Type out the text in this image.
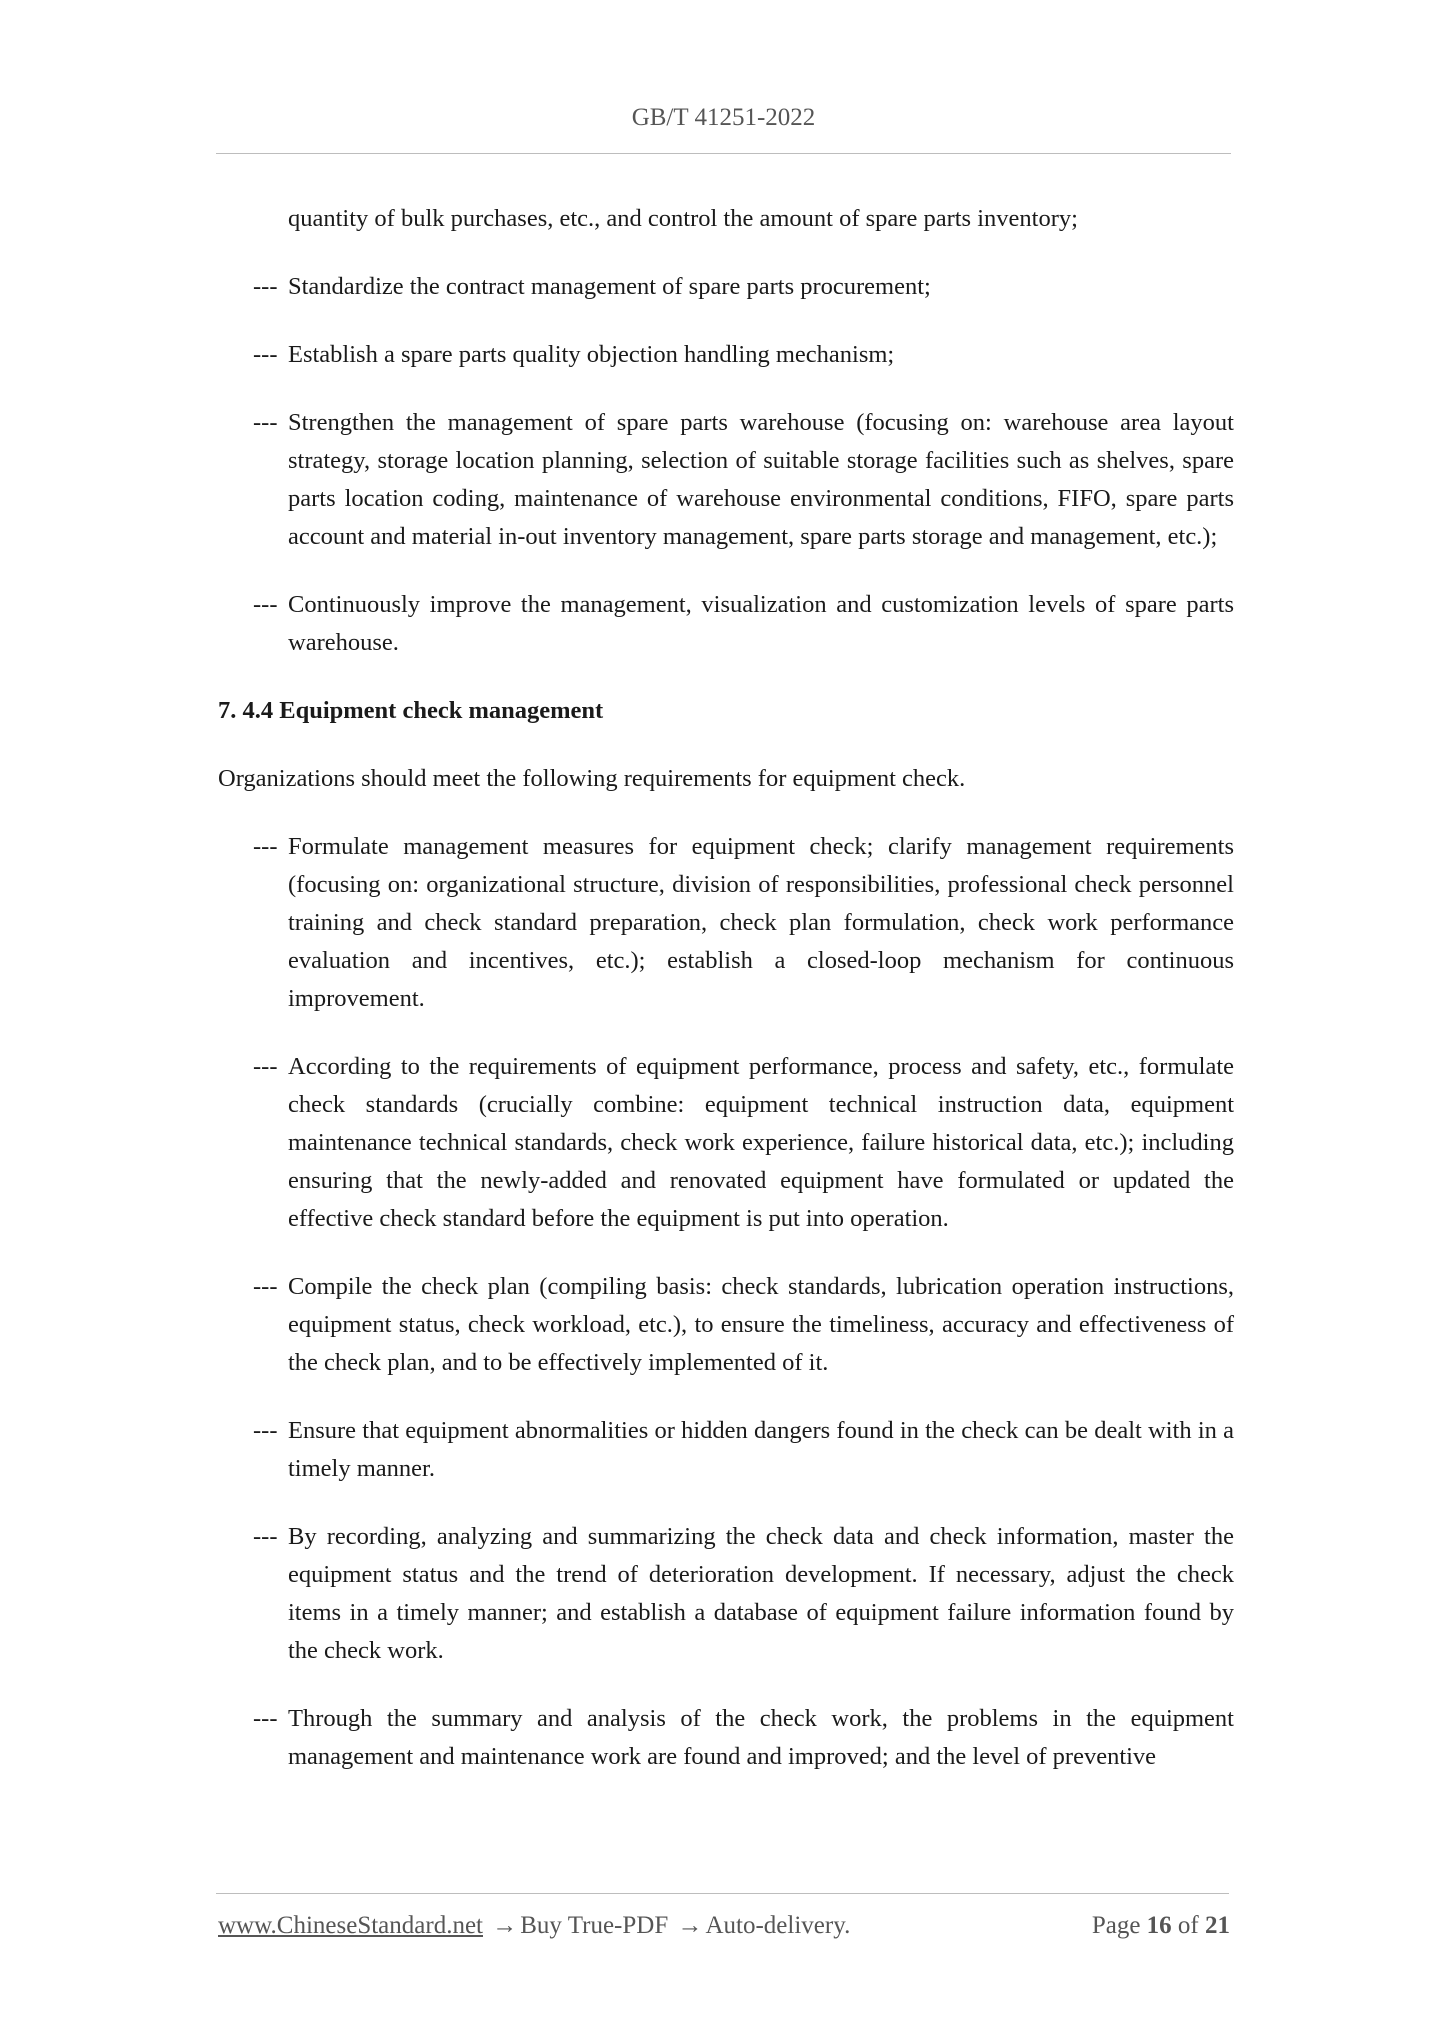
GB/T 41251-2022
quantity of bulk purchases, etc., and control the amount of spare parts inventory;
--- Standardize the contract management of spare parts procurement;
--- Establish a spare parts quality objection handling mechanism;
--- Strengthen the management of spare parts warehouse (focusing on: warehouse area layout strategy, storage location planning, selection of suitable storage facilities such as shelves, spare parts location coding, maintenance of warehouse environmental conditions, FIFO, spare parts account and material in-out inventory management, spare parts storage and management, etc.);
--- Continuously improve the management, visualization and customization levels of spare parts warehouse.
7. 4.4 Equipment check management
Organizations should meet the following requirements for equipment check.
--- Formulate management measures for equipment check; clarify management requirements (focusing on: organizational structure, division of responsibilities, professional check personnel training and check standard preparation, check plan formulation, check work performance evaluation and incentives, etc.); establish a closed-loop mechanism for continuous improvement.
--- According to the requirements of equipment performance, process and safety, etc., formulate check standards (crucially combine: equipment technical instruction data, equipment maintenance technical standards, check work experience, failure historical data, etc.); including ensuring that the newly-added and renovated equipment have formulated or updated the effective check standard before the equipment is put into operation.
--- Compile the check plan (compiling basis: check standards, lubrication operation instructions, equipment status, check workload, etc.), to ensure the timeliness, accuracy and effectiveness of the check plan, and to be effectively implemented of it.
--- Ensure that equipment abnormalities or hidden dangers found in the check can be dealt with in a timely manner.
--- By recording, analyzing and summarizing the check data and check information, master the equipment status and the trend of deterioration development. If necessary, adjust the check items in a timely manner; and establish a database of equipment failure information found by the check work.
--- Through the summary and analysis of the check work, the problems in the equipment management and maintenance work are found and improved; and the level of preventive
www.ChineseStandard.net → Buy True-PDF → Auto-delivery.	Page 16 of 21
